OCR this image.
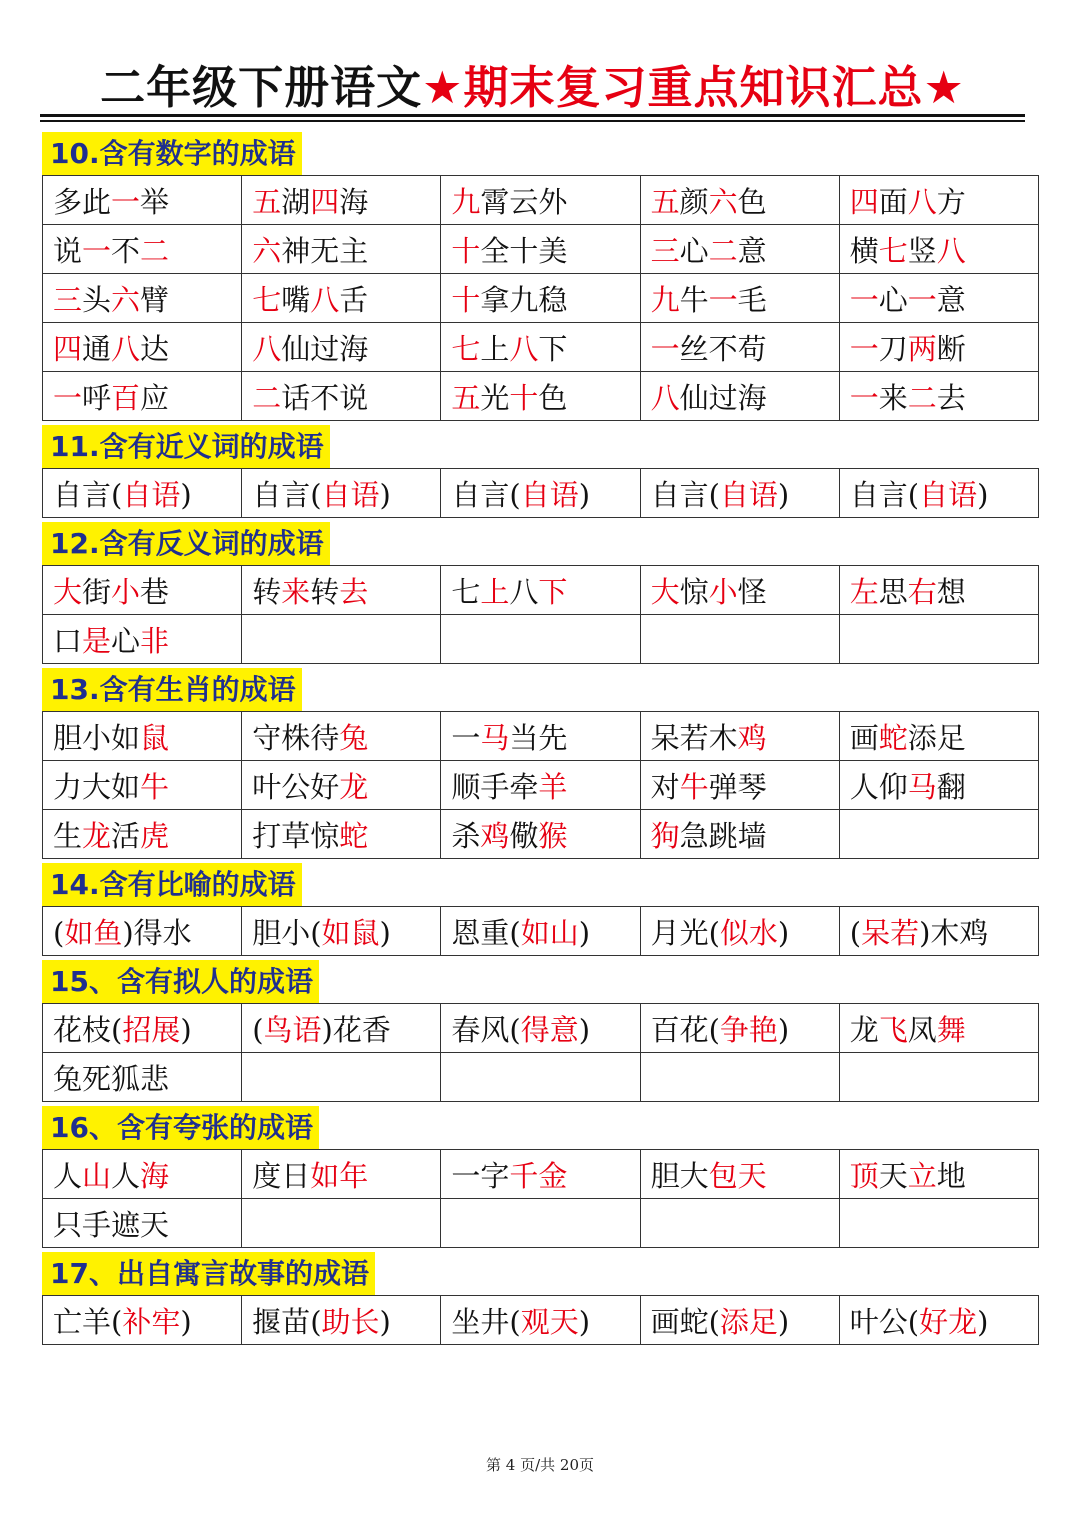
二年级下册语文 ★期末复习重点知识汇总★
10.含有数字的成语
多此一举	五湖四海	九霄云外	五颜六色	四面八方
说一不二	六神无主	十全十美	三心二意	横七竖八
三头六臂	七嘴八舌	十拿九稳	九牛一毛	一心一意
四通八达	八仙过海	七上八下	一丝不苟	一刀两断
一呼百应	二话不说	五光十色	八仙过海	一来二去
11.含有近义词的成语
自言(自语)	自言(自语)	自言(自语)	自言(自语)	自言(自语)
12.含有反义词的成语
大街小巷	转来转去	七上八下	大惊小怪	左思右想
口是心非				
13.含有生肖的成语
胆小如鼠	守株待兔	一马当先	呆若木鸡	画蛇添足
力大如牛	叶公好龙	顺手牵羊	对牛弹琴	人仰马翻
生龙活虎	打草惊蛇	杀鸡儆猴	狗急跳墙	
14.含有比喻的成语
(如鱼)得水	胆小(如鼠)	恩重(如山)	月光(似水)	(呆若)木鸡
15、含有拟人的成语
花枝(招展)	(鸟语)花香	春风(得意)	百花(争艳)	龙飞凤舞
兔死狐悲				
16、含有夸张的成语
人山人海	度日如年	一字千金	胆大包天	顶天立地
只手遮天				
17、出自寓言故事的成语
亡羊(补牢)	揠苗(助长)	坐井(观天)	画蛇(添足)	叶公(好龙)
第 4 页/共 20页
